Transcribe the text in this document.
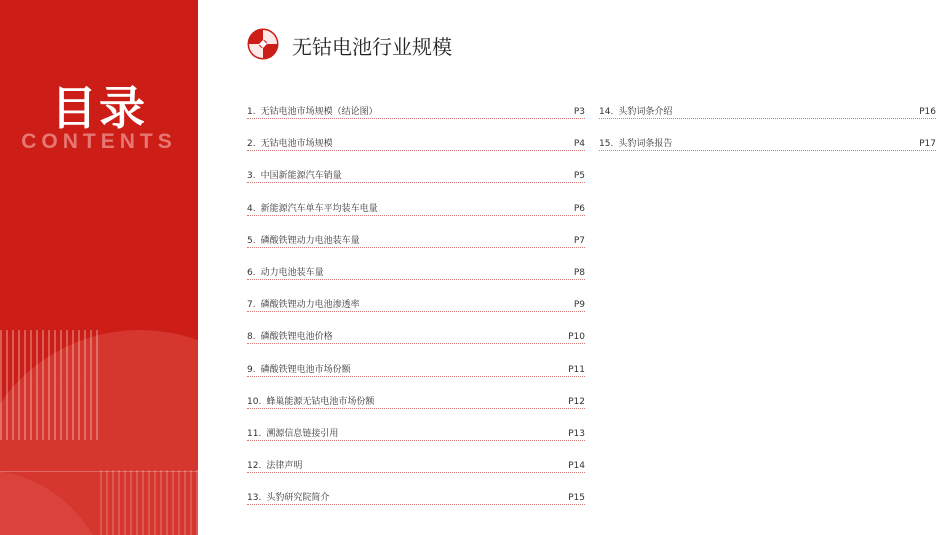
目录
CONTENTS
无钴电池行业规模
1. 无钴电池市场规模（结论图）	P3
2. 无钴电池市场规模	P4
3. 中国新能源汽车销量	P5
4. 新能源汽车单车平均装车电量	P6
5. 磷酸铁锂动力电池装车量	P7
6. 动力电池装车量	P8
7. 磷酸铁锂动力电池渗透率	P9
8. 磷酸铁锂电池价格	P10
9. 磷酸铁锂电池市场份额	P11
10. 蜂巢能源无钴电池市场份额	P12
11. 溯源信息链接引用	P13
12. 法律声明	P14
13. 头豹研究院简介	P15
14. 头豹词条介绍	P16
15. 头豹词条报告	P17
